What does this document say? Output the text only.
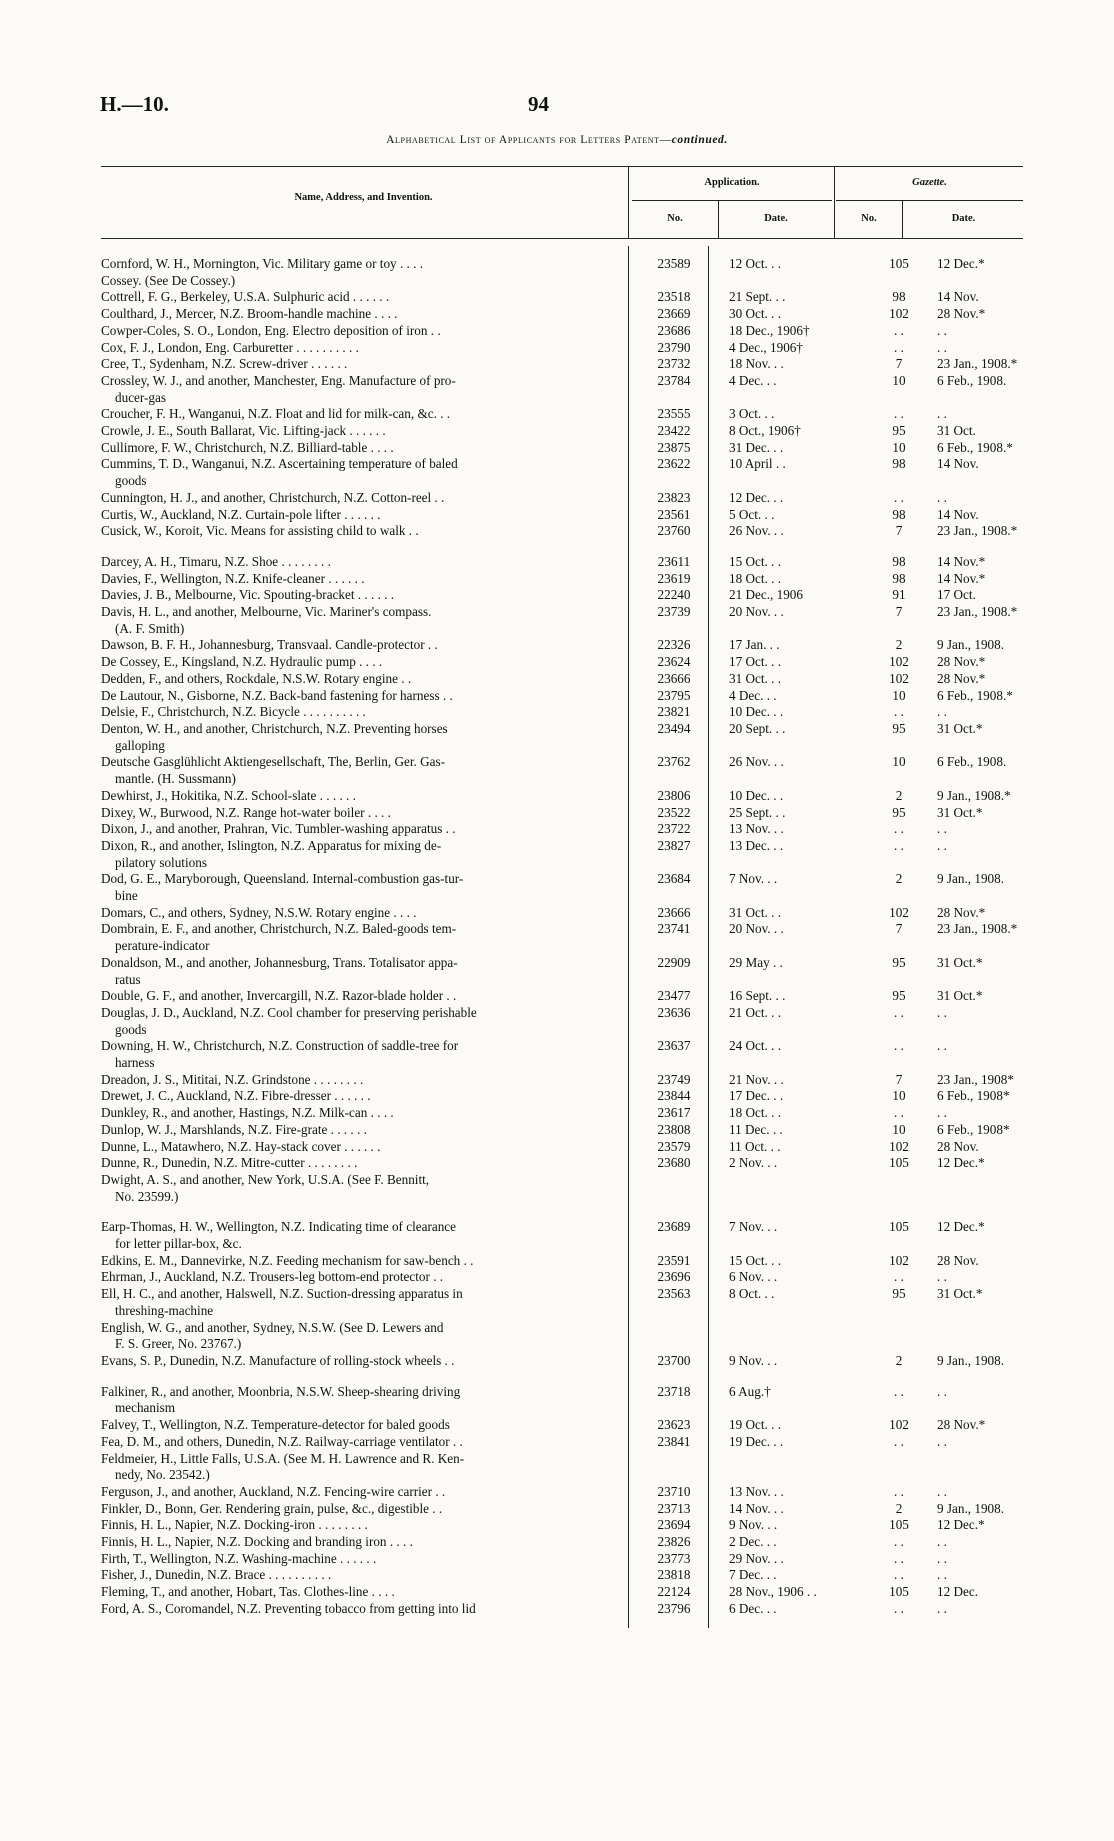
H.—10.	94
Alphabetical List of Applicants for Letters Patent—continued.
Name, Address, and Invention.
Application.	Gazette.
No.	Date.	No.	Date.
Cornford, W. H., Mornington, Vic. Military game or toy . . . .	23589	12 Oct. . .	105	12 Dec.*
Cossey. (See De Cossey.)
Cottrell, F. G., Berkeley, U.S.A. Sulphuric acid . . . . . .	23518	21 Sept. . .	98	14 Nov.
Coulthard, J., Mercer, N.Z. Broom-handle machine . . . .	23669	30 Oct. . .	102	28 Nov.*
Cowper-Coles, S. O., London, Eng. Electro deposition of iron . .	23686	18 Dec., 1906†	. .	. .
Cox, F. J., London, Eng. Carburetter . . . . . . . . . .	23790	4 Dec., 1906†	. .	. .
Cree, T., Sydenham, N.Z. Screw-driver . . . . . .	23732	18 Nov. . .	7	23 Jan., 1908.*
Crossley, W. J., and another, Manchester, Eng. Manufacture of pro-
ducer-gas
23784	4 Dec. . .	10	6 Feb., 1908.
Croucher, F. H., Wanganui, N.Z. Float and lid for milk-can, &c. . .	23555	3 Oct. . .	. .	. .
Crowle, J. E., South Ballarat, Vic. Lifting-jack . . . . . .	23422	8 Oct., 1906†	95	31 Oct.
Cullimore, F. W., Christchurch, N.Z. Billiard-table . . . .	23875	31 Dec. . .	10	6 Feb., 1908.*
Cummins, T. D., Wanganui, N.Z. Ascertaining temperature of baled
goods
23622	10 April . .	98	14 Nov.
Cunnington, H. J., and another, Christchurch, N.Z. Cotton-reel . .	23823	12 Dec. . .	. .	. .
Curtis, W., Auckland, N.Z. Curtain-pole lifter . . . . . .	23561	5 Oct. . .	98	14 Nov.
Cusick, W., Koroit, Vic. Means for assisting child to walk . .	23760	26 Nov. . .	7	23 Jan., 1908.*
Darcey, A. H., Timaru, N.Z. Shoe . . . . . . . .	23611	15 Oct. . .	98	14 Nov.*
Davies, F., Wellington, N.Z. Knife-cleaner . . . . . .	23619	18 Oct. . .	98	14 Nov.*
Davies, J. B., Melbourne, Vic. Spouting-bracket . . . . . .	22240	21 Dec., 1906	91	17 Oct.
Davis, H. L., and another, Melbourne, Vic. Mariner's compass.
(A. F. Smith)
23739	20 Nov. . .	7	23 Jan., 1908.*
Dawson, B. F. H., Johannesburg, Transvaal. Candle-protector . .	22326	17 Jan. . .	2	9 Jan., 1908.
De Cossey, E., Kingsland, N.Z. Hydraulic pump . . . .	23624	17 Oct. . .	102	28 Nov.*
Dedden, F., and others, Rockdale, N.S.W. Rotary engine . .	23666	31 Oct. . .	102	28 Nov.*
De Lautour, N., Gisborne, N.Z. Back-band fastening for harness . .	23795	4 Dec. . .	10	6 Feb., 1908.*
Delsie, F., Christchurch, N.Z. Bicycle . . . . . . . . . .	23821	10 Dec. . .	. .	. .
Denton, W. H., and another, Christchurch, N.Z. Preventing horses
galloping
23494	20 Sept. . .	95	31 Oct.*
Deutsche Gasglühlicht Aktiengesellschaft, The, Berlin, Ger. Gas-
mantle. (H. Sussmann)
23762	26 Nov. . .	10	6 Feb., 1908.
Dewhirst, J., Hokitika, N.Z. School-slate . . . . . .	23806	10 Dec. . .	2	9 Jan., 1908.*
Dixey, W., Burwood, N.Z. Range hot-water boiler . . . .	23522	25 Sept. . .	95	31 Oct.*
Dixon, J., and another, Prahran, Vic. Tumbler-washing apparatus . .	23722	13 Nov. . .	. .	. .
Dixon, R., and another, Islington, N.Z. Apparatus for mixing de-
pilatory solutions
23827	13 Dec. . .	. .	. .
Dod, G. E., Maryborough, Queensland. Internal-combustion gas-tur-
bine
23684	7 Nov. . .	2	9 Jan., 1908.
Domars, C., and others, Sydney, N.S.W. Rotary engine . . . .	23666	31 Oct. . .	102	28 Nov.*
Dombrain, E. F., and another, Christchurch, N.Z. Baled-goods tem-
perature-indicator
23741	20 Nov. . .	7	23 Jan., 1908.*
Donaldson, M., and another, Johannesburg, Trans. Totalisator appa-
ratus
22909	29 May . .	95	31 Oct.*
Double, G. F., and another, Invercargill, N.Z. Razor-blade holder . .	23477	16 Sept. . .	95	31 Oct.*
Douglas, J. D., Auckland, N.Z. Cool chamber for preserving perishable
goods
23636	21 Oct. . .	. .	. .
Downing, H. W., Christchurch, N.Z. Construction of saddle-tree for
harness
23637	24 Oct. . .	. .	. .
Dreadon, J. S., Mititai, N.Z. Grindstone . . . . . . . .	23749	21 Nov. . .	7	23 Jan., 1908*
Drewet, J. C., Auckland, N.Z. Fibre-dresser . . . . . .	23844	17 Dec. . .	10	6 Feb., 1908*
Dunkley, R., and another, Hastings, N.Z. Milk-can . . . .	23617	18 Oct. . .	. .	. .
Dunlop, W. J., Marshlands, N.Z. Fire-grate . . . . . .	23808	11 Dec. . .	10	6 Feb., 1908*
Dunne, L., Matawhero, N.Z. Hay-stack cover . . . . . .	23579	11 Oct. . .	102	28 Nov.
Dunne, R., Dunedin, N.Z. Mitre-cutter . . . . . . . .	23680	2 Nov. . .	105	12 Dec.*
Dwight, A. S., and another, New York, U.S.A. (See F. Bennitt,
No. 23599.)
Earp-Thomas, H. W., Wellington, N.Z. Indicating time of clearance
for letter pillar-box, &c.
23689	7 Nov. . .	105	12 Dec.*
Edkins, E. M., Dannevirke, N.Z. Feeding mechanism for saw-bench . .	23591	15 Oct. . .	102	28 Nov.
Ehrman, J., Auckland, N.Z. Trousers-leg bottom-end protector . .	23696	6 Nov. . .	. .	. .
Ell, H. C., and another, Halswell, N.Z. Suction-dressing apparatus in
threshing-machine
23563	8 Oct. . .	95	31 Oct.*
English, W. G., and another, Sydney, N.S.W. (See D. Lewers and
F. S. Greer, No. 23767.)
Evans, S. P., Dunedin, N.Z. Manufacture of rolling-stock wheels . .	23700	9 Nov. . .	2	9 Jan., 1908.
Falkiner, R., and another, Moonbria, N.S.W. Sheep-shearing driving
mechanism
23718	6 Aug.†	. .	. .
Falvey, T., Wellington, N.Z. Temperature-detector for baled goods	23623	19 Oct. . .	102	28 Nov.*
Fea, D. M., and others, Dunedin, N.Z. Railway-carriage ventilator . .	23841	19 Dec. . .	. .	. .
Feldmeier, H., Little Falls, U.S.A. (See M. H. Lawrence and R. Ken-
nedy, No. 23542.)
Ferguson, J., and another, Auckland, N.Z. Fencing-wire carrier . .	23710	13 Nov. . .	. .	. .
Finkler, D., Bonn, Ger. Rendering grain, pulse, &c., digestible . .	23713	14 Nov. . .	2	9 Jan., 1908.
Finnis, H. L., Napier, N.Z. Docking-iron . . . . . . . .	23694	9 Nov. . .	105	12 Dec.*
Finnis, H. L., Napier, N.Z. Docking and branding iron . . . .	23826	2 Dec. . .	. .	. .
Firth, T., Wellington, N.Z. Washing-machine . . . . . .	23773	29 Nov. . .	. .	. .
Fisher, J., Dunedin, N.Z. Brace . . . . . . . . . .	23818	7 Dec. . .	. .	. .
Fleming, T., and another, Hobart, Tas. Clothes-line . . . .	22124	28 Nov., 1906 . .	105	12 Dec.
Ford, A. S., Coromandel, N.Z. Preventing tobacco from getting into lid	23796	6 Dec. . .	. .	. .
